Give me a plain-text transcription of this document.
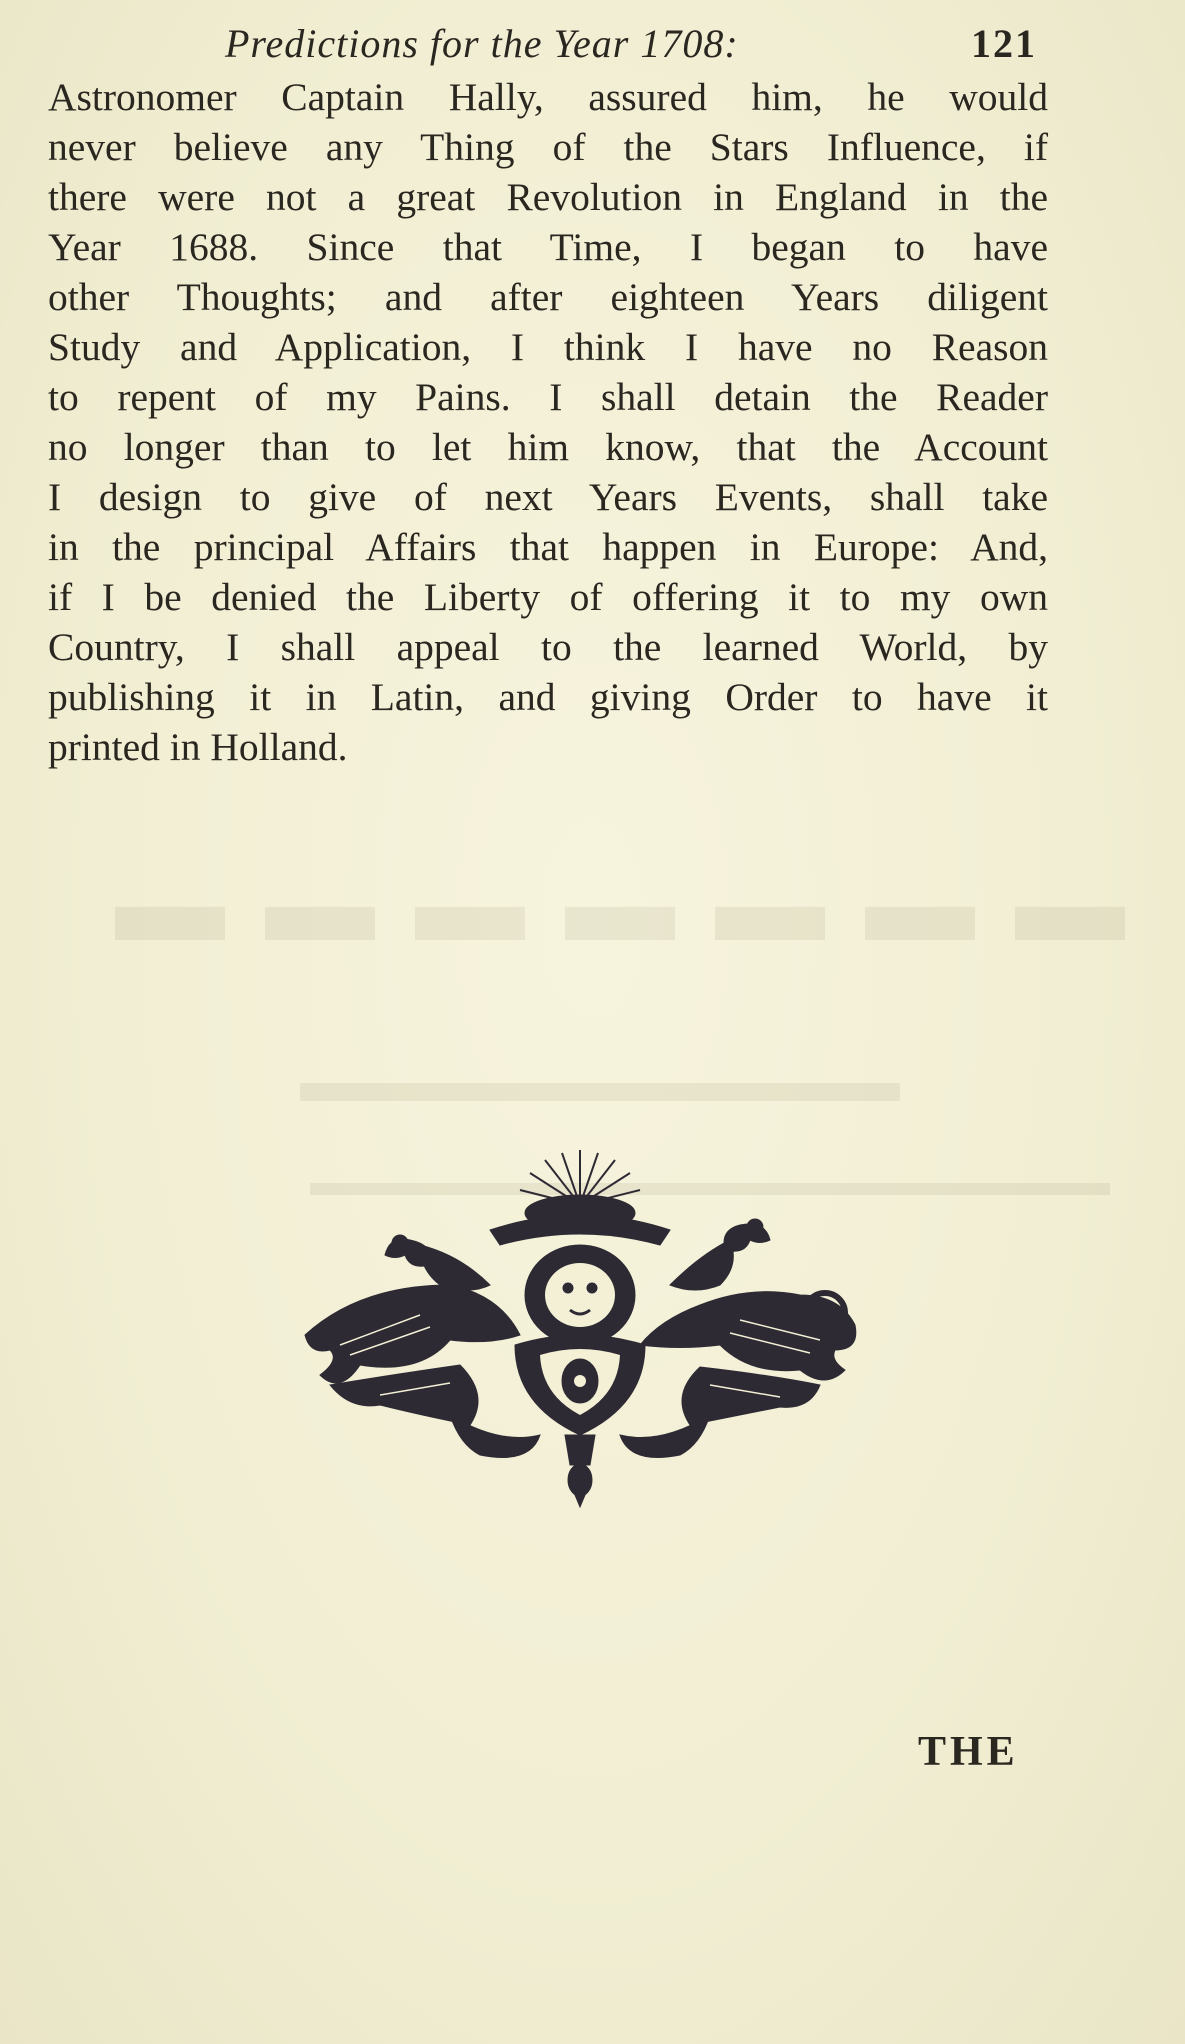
▬▬▬▬▬▬▬
▬▬▬▬▬▬▬▬▬▬
▬▬▬▬▬▬▬▬▬▬▬▬▬▬▬▬▬▬▬▬
Predictions for the Year 1708:	121
Astronomer Captain Hally, assured him, he would
never believe any Thing of the Stars Influence, if
there were not a great Revolution in England in the
Year 1688. Since that Time, I began to have
other Thoughts; and after eighteen Years diligent
Study and Application, I think I have no Reason
to repent of my Pains. I shall detain the Reader
no longer than to let him know, that the Account
I design to give of next Years Events, shall take
in the principal Affairs that happen in Europe: And,
if I be denied the Liberty of offering it to my own
Country, I shall appeal to the learned World, by
publishing it in Latin, and giving Order to have it
printed in Holland.
THE
